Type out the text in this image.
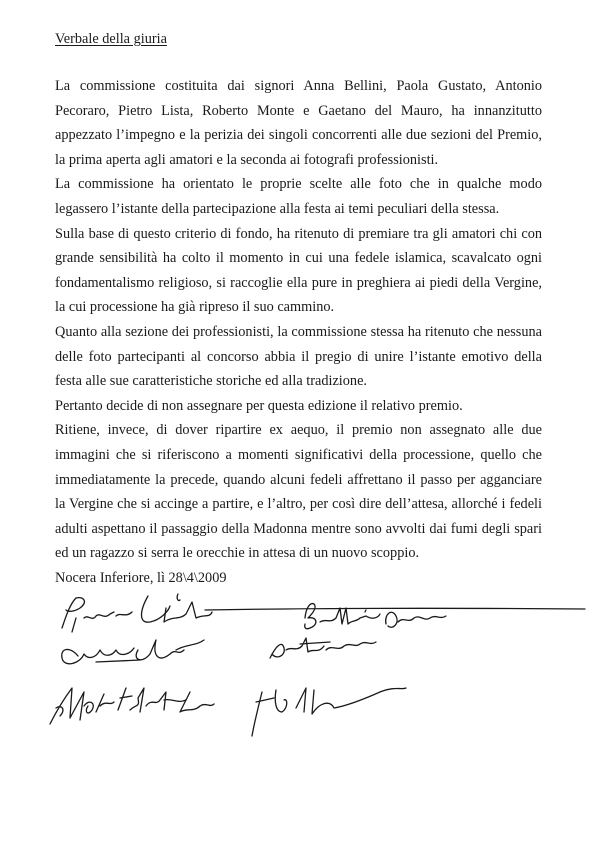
Verbale della giuria

La commissione costituita dai signori Anna Bellini, Paola Gustato, Antonio Pecoraro, Pietro Lista, Roberto Monte e Gaetano del Mauro, ha innanzitutto appezzato l’impegno e la perizia dei singoli concorrenti alle due sezioni del Premio, la prima aperta agli amatori e la seconda ai fotografi professionisti.

La commissione ha orientato le proprie scelte alle foto che in qualche modo legassero l’istante della partecipazione alla festa ai temi peculiari della stessa.

Sulla base di questo criterio di fondo, ha ritenuto di premiare tra gli amatori chi con grande sensibilità ha colto il momento in cui una fedele islamica, scavalcato ogni fondamentalismo religioso, si raccoglie ella pure in preghiera ai piedi della Vergine, la cui processione ha già ripreso il suo cammino.

Quanto alla sezione dei professionisti, la commissione stessa ha ritenuto che nessuna delle foto partecipanti al concorso abbia il pregio di unire l’istante emotivo della festa alle sue caratteristiche storiche ed alla tradizione.

Pertanto decide di non assegnare per questa edizione il relativo premio.

Ritiene, invece, di dover ripartire ex aequo, il premio non assegnato alle due immagini che si riferiscono a momenti significativi della processione, quello che immediatamente la precede, quando alcuni fedeli affrettano il passo per agganciare la Vergine che si accinge a partire, e l’altro, per così dire dell’attesa, allorché i fedeli adulti aspettano il passaggio della Madonna mentre sono avvolti dai fumi degli spari ed un ragazzo si serra le orecchie in attesa di un nuovo scoppio.

Nocera Inferiore, lì 28\4\2009
